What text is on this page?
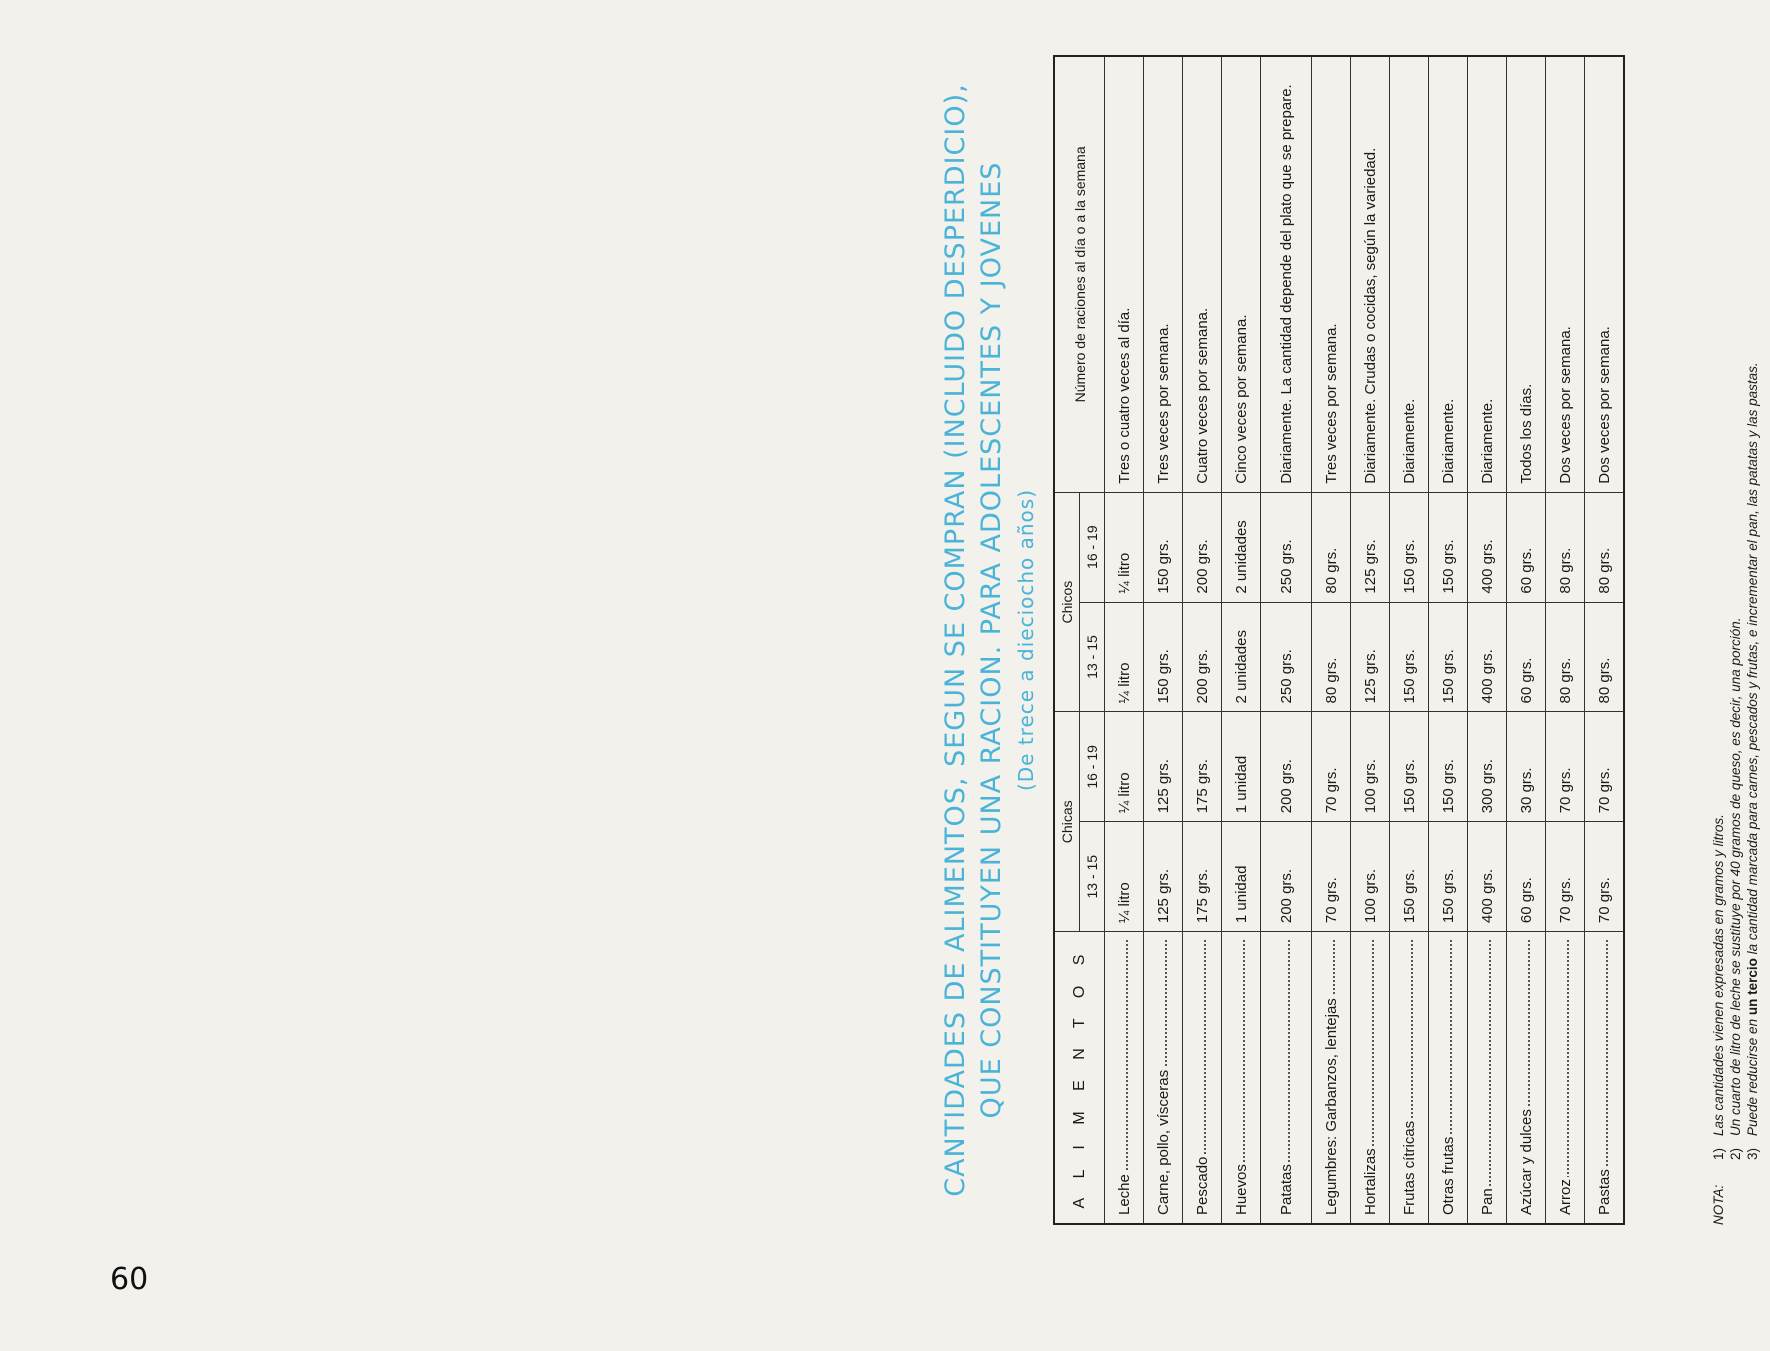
60
CANTIDADES DE ALIMENTOS, SEGUN SE COMPRAN (INCLUIDO DESPERDICIO), QUE CONSTITUYEN UNA RACION. PARA ADOLESCENTES Y JOVENES (De trece a dieciocho años)
A L I M E N T O S	Chicas		Chicos		Número de raciones al día o a la semana
	13 - 15	16 - 19	13 - 15	16 - 19	

Leche	¼ litro	¼ litro	¼ litro	¼ litro	Tres o cuatro veces al día.

Carne, pollo, vísceras	125 grs.	125 grs.	150 grs.	150 grs.	Tres veces por semana.

Pescado	175 grs.	175 grs.	200 grs.	200 grs.	Cuatro veces por semana.

Huevos	1 unidad	1 unidad	2 unidades	2 unidades	Cinco veces por semana.

Patatas	200 grs.	200 grs.	250 grs.	250 grs.	Diariamente. La cantidad depende del plato que se prepare.

Legumbres: Garbanzos, lentejas	70 grs.	70 grs.	80 grs.	80 grs.	Tres veces por semana.

Hortalizas	100 grs.	100 grs.	125 grs.	125 grs.	Diariamente. Crudas o cocidas, según la variedad.

Frutas cítricas	150 grs.	150 grs.	150 grs.	150 grs.	Diariamente.

Otras frutas	150 grs.	150 grs.	150 grs.	150 grs.	Diariamente.

Pan	400 grs.	300 grs.	400 grs.	400 grs.	Diariamente.

Azúcar y dulces	60 grs.	30 grs.	60 grs.	60 grs.	Todos los días.

Arroz	70 grs.	70 grs.	80 grs.	80 grs.	Dos veces por semana.

Pastas	70 grs.	70 grs.	80 grs.	80 grs.	Dos veces por semana.
NOTA:
1)Las cantidades vienen expresadas en gramos y litros.
2)Un cuarto de litro de leche se sustituye por 40 gramos de queso, es decir, una porción.
3)Puede reducirse en un tercio la cantidad marcada para carnes, pescados y frutas, e incrementar el pan, las patatas y las pastas.
